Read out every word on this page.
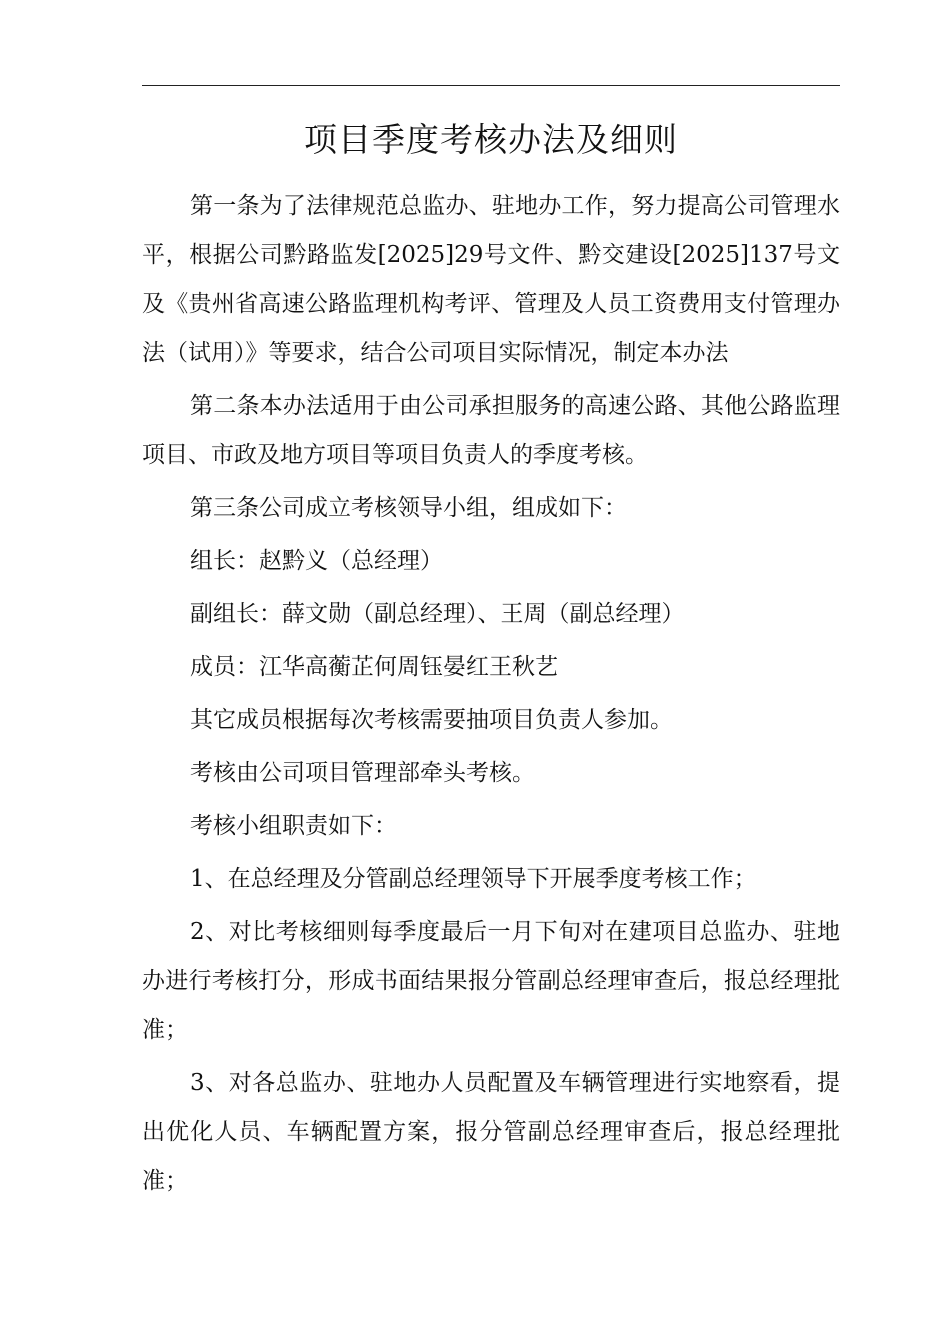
项目季度考核办法及细则

第一条为了法律规范总监办、驻地办工作，努力提高公司管理水平，根据公司黔路监发[2025]29号文件、黔交建设[2025]137号文及《贵州省高速公路监理机构考评、管理及人员工资费用支付管理办法（试用）》等要求，结合公司项目实际情况，制定本办法

第二条本办法适用于由公司承担服务的高速公路、其他公路监理项目、市政及地方项目等项目负责人的季度考核。

第三条公司成立考核领导小组，组成如下：

组长：赵黔义（总经理）

副组长：薛文勋（副总经理）、王周（副总经理）

成员：江华高蘅芷何周钰晏红王秋艺

其它成员根据每次考核需要抽项目负责人参加。

考核由公司项目管理部牵头考核。

考核小组职责如下：

1、在总经理及分管副总经理领导下开展季度考核工作；

2、对比考核细则每季度最后一月下旬对在建项目总监办、驻地办进行考核打分，形成书面结果报分管副总经理审查后，报总经理批准；

3、对各总监办、驻地办人员配置及车辆管理进行实地察看，提出优化人员、车辆配置方案，报分管副总经理审查后，报总经理批准；
